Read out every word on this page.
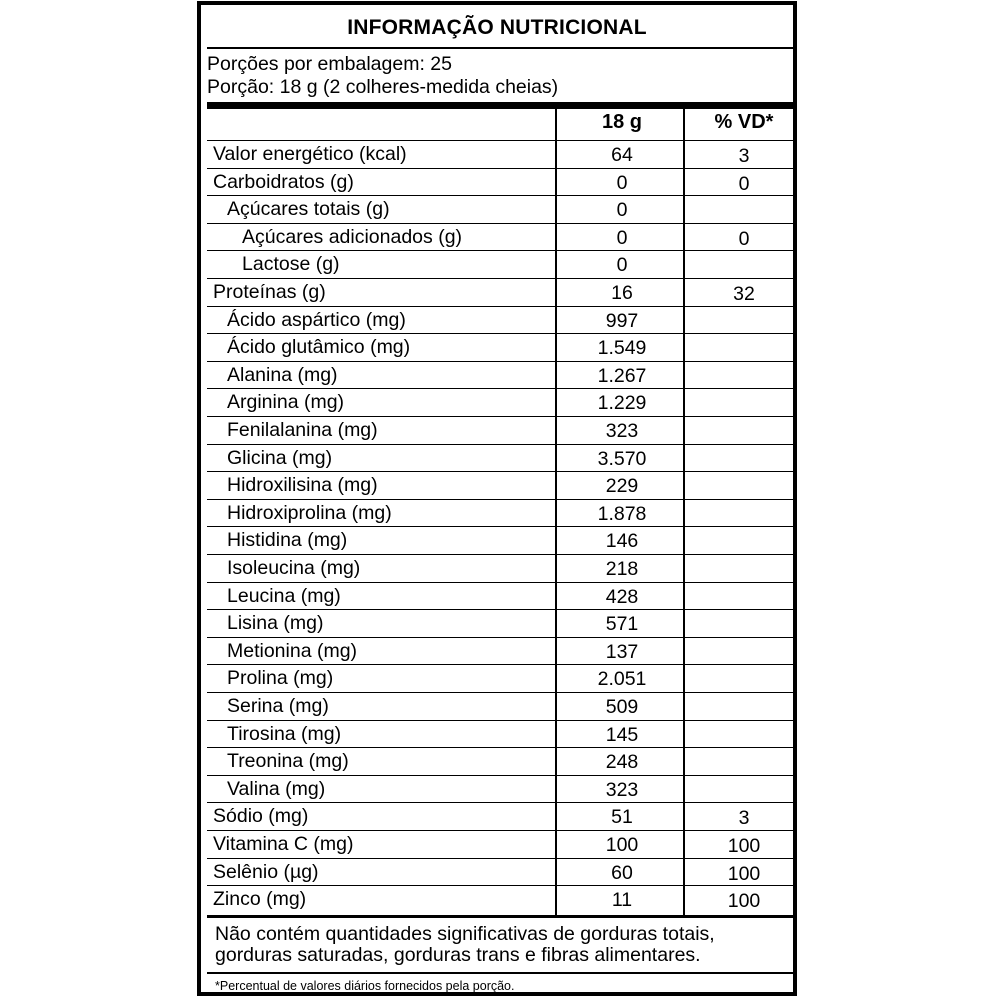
INFORMAÇÃO NUTRICIONAL
Porções por embalagem: 25
Porção: 18 g (2 colheres-medida cheias)
18 g	% VD*
Valor energético (kcal)	64	3
Carboidratos (g)	0	0
Açúcares totais (g)	0
Açúcares adicionados (g)	0	0
Lactose (g)	0
Proteínas (g)	16	32
Ácido aspártico (mg)	997
Ácido glutâmico (mg)	1.549
Alanina (mg)	1.267
Arginina (mg)	1.229
Fenilalanina (mg)	323
Glicina (mg)	3.570
Hidroxilisina (mg)	229
Hidroxiprolina (mg)	1.878
Histidina (mg)	146
Isoleucina (mg)	218
Leucina (mg)	428
Lisina (mg)	571
Metionina (mg)	137
Prolina (mg)	2.051
Serina (mg)	509
Tirosina (mg)	145
Treonina (mg)	248
Valina (mg)	323
Sódio (mg)	51	3
Vitamina C (mg)	100	100
Selênio (µg)	60	100
Zinco (mg)	11	100
Não contém quantidades significativas de gorduras totais, gorduras saturadas, gorduras trans e fibras alimentares.
*Percentual de valores diários fornecidos pela porção.
